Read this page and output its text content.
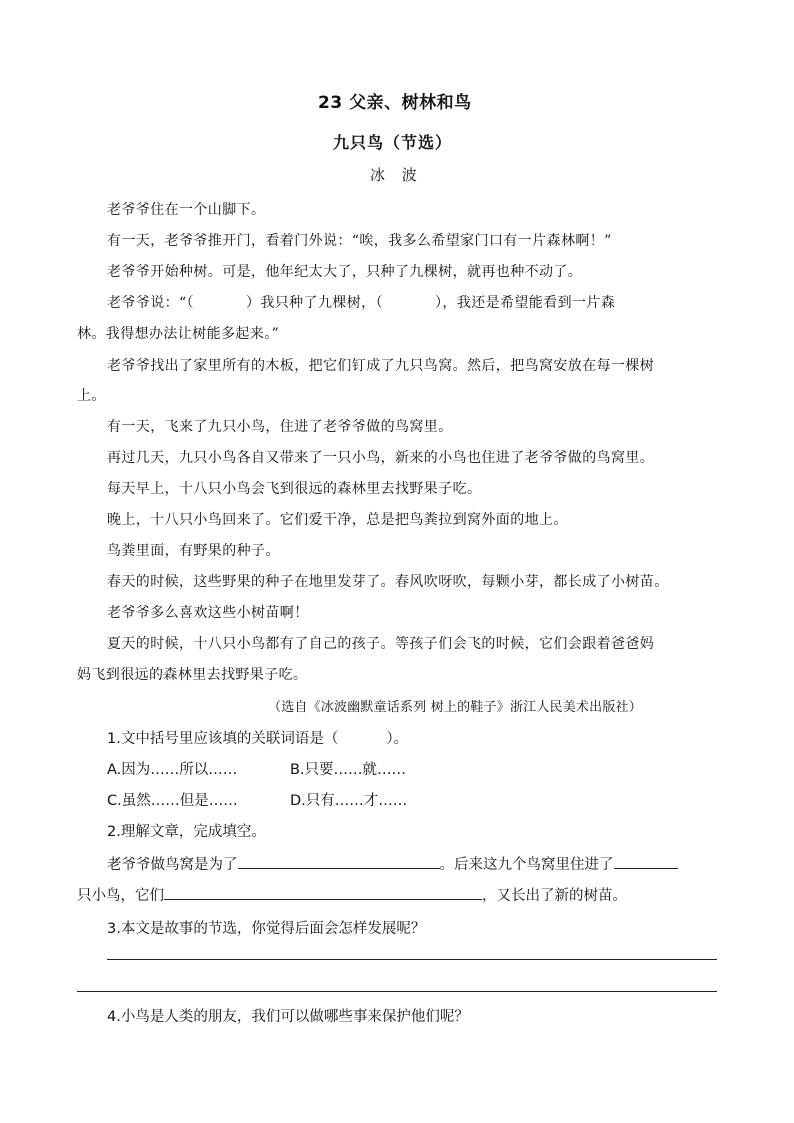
23 父亲、树林和鸟
九只鸟（节选）
冰 波
老爷爷住在一个山脚下。
有一天，老爷爷推开门，看着门外说：“唉，我多么希望家门口有一片森林啊！”
老爷爷开始种树。可是，他年纪太大了，只种了九棵树，就再也种不动了。
老爷爷说：“（	）我只种了九棵树，（	），我还是希望能看到一片森
林。我得想办法让树能多起来。”
老爷爷找出了家里所有的木板，把它们钉成了九只鸟窝。然后，把鸟窝安放在每一棵树
上。
有一天，飞来了九只小鸟，住进了老爷爷做的鸟窝里。
再过几天，九只小鸟各自又带来了一只小鸟，新来的小鸟也住进了老爷爷做的鸟窝里。
每天早上，十八只小鸟会飞到很远的森林里去找野果子吃。
晚上，十八只小鸟回来了。它们爱干净，总是把鸟粪拉到窝外面的地上。
鸟粪里面，有野果的种子。
春天的时候，这些野果的种子在地里发芽了。春风吹呀吹，每颗小芽，都长成了小树苗。
老爷爷多么喜欢这些小树苗啊！
夏天的时候，十八只小鸟都有了自己的孩子。等孩子们会飞的时候，它们会跟着爸爸妈
妈飞到很远的森林里去找野果子吃。
（选自《冰波幽默童话系列 树上的鞋子》浙江人民美术出版社）
1.文中括号里应该填的关联词语是（	）。
A.因为……所以……	B.只要……就……
C.虽然……但是……	D.只有……才……
2.理解文章，完成填空。
老爷爷做鸟窝是为了	。后来这九个鸟窝里住进了
只小鸟，它们	，又长出了新的树苗。
3.本文是故事的节选，你觉得后面会怎样发展呢？
4.小鸟是人类的朋友，我们可以做哪些事来保护他们呢？
